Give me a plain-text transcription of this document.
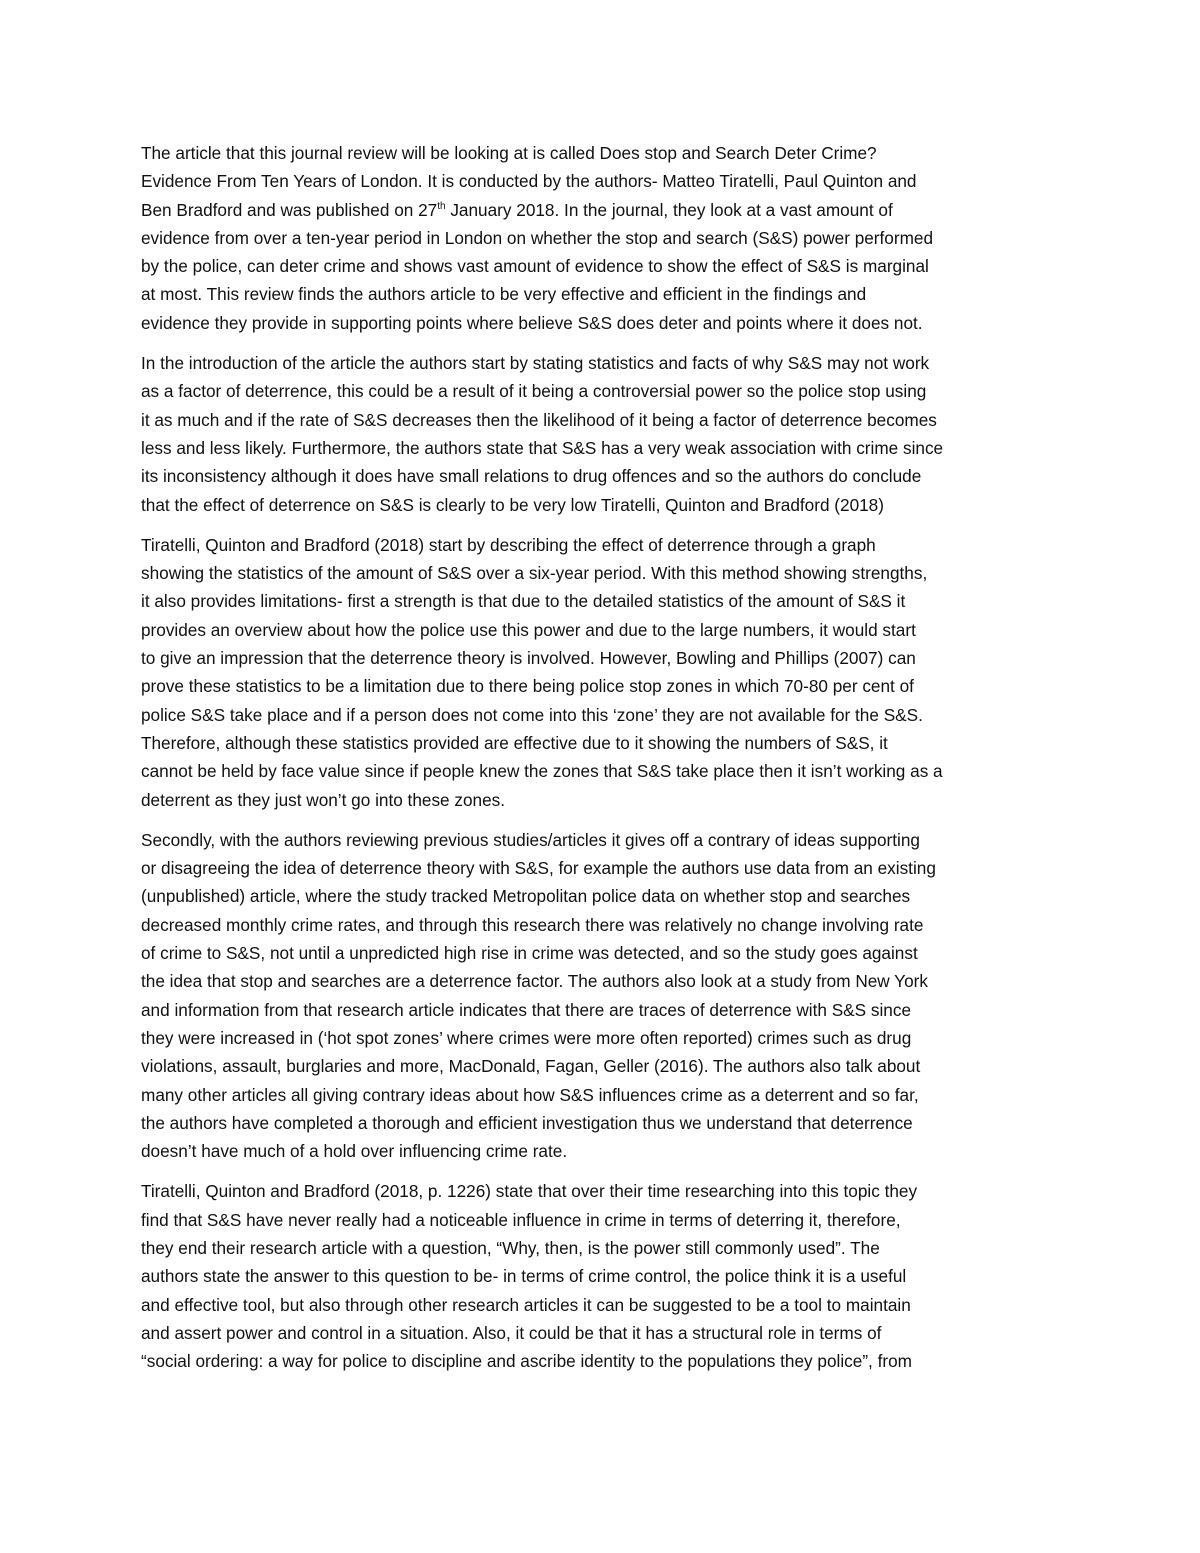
The article that this journal review will be looking at is called Does stop and Search Deter Crime?
Evidence From Ten Years of London. It is conducted by the authors- Matteo Tiratelli, Paul Quinton and
Ben Bradford and was published on 27th January 2018. In the journal, they look at a vast amount of
evidence from over a ten-year period in London on whether the stop and search (S&S) power performed
by the police, can deter crime and shows vast amount of evidence to show the effect of S&S is marginal
at most. This review finds the authors article to be very effective and efficient in the findings and
evidence they provide in supporting points where believe S&S does deter and points where it does not.

In the introduction of the article the authors start by stating statistics and facts of why S&S may not work
as a factor of deterrence, this could be a result of it being a controversial power so the police stop using
it as much and if the rate of S&S decreases then the likelihood of it being a factor of deterrence becomes
less and less likely. Furthermore, the authors state that S&S has a very weak association with crime since
its inconsistency although it does have small relations to drug offences and so the authors do conclude
that the effect of deterrence on S&S is clearly to be very low Tiratelli, Quinton and Bradford (2018)

Tiratelli, Quinton and Bradford (2018) start by describing the effect of deterrence through a graph
showing the statistics of the amount of S&S over a six-year period. With this method showing strengths,
it also provides limitations- first a strength is that due to the detailed statistics of the amount of S&S it
provides an overview about how the police use this power and due to the large numbers, it would start
to give an impression that the deterrence theory is involved. However, Bowling and Phillips (2007) can
prove these statistics to be a limitation due to there being police stop zones in which 70-80 per cent of
police S&S take place and if a person does not come into this ‘zone’ they are not available for the S&S.
Therefore, although these statistics provided are effective due to it showing the numbers of S&S, it
cannot be held by face value since if people knew the zones that S&S take place then it isn’t working as a
deterrent as they just won’t go into these zones.

Secondly, with the authors reviewing previous studies/articles it gives off a contrary of ideas supporting
or disagreeing the idea of deterrence theory with S&S, for example the authors use data from an existing
(unpublished) article, where the study tracked Metropolitan police data on whether stop and searches
decreased monthly crime rates, and through this research there was relatively no change involving rate
of crime to S&S, not until a unpredicted high rise in crime was detected, and so the study goes against
the idea that stop and searches are a deterrence factor. The authors also look at a study from New York
and information from that research article indicates that there are traces of deterrence with S&S since
they were increased in (‘hot spot zones’ where crimes were more often reported) crimes such as drug
violations, assault, burglaries and more, MacDonald, Fagan, Geller (2016). The authors also talk about
many other articles all giving contrary ideas about how S&S influences crime as a deterrent and so far,
the authors have completed a thorough and efficient investigation thus we understand that deterrence
doesn’t have much of a hold over influencing crime rate.

Tiratelli, Quinton and Bradford (2018, p. 1226) state that over their time researching into this topic they
find that S&S have never really had a noticeable influence in crime in terms of deterring it, therefore,
they end their research article with a question, “Why, then, is the power still commonly used”. The
authors state the answer to this question to be- in terms of crime control, the police think it is a useful
and effective tool, but also through other research articles it can be suggested to be a tool to maintain
and assert power and control in a situation. Also, it could be that it has a structural role in terms of
“social ordering: a way for police to discipline and ascribe identity to the populations they police”, from
